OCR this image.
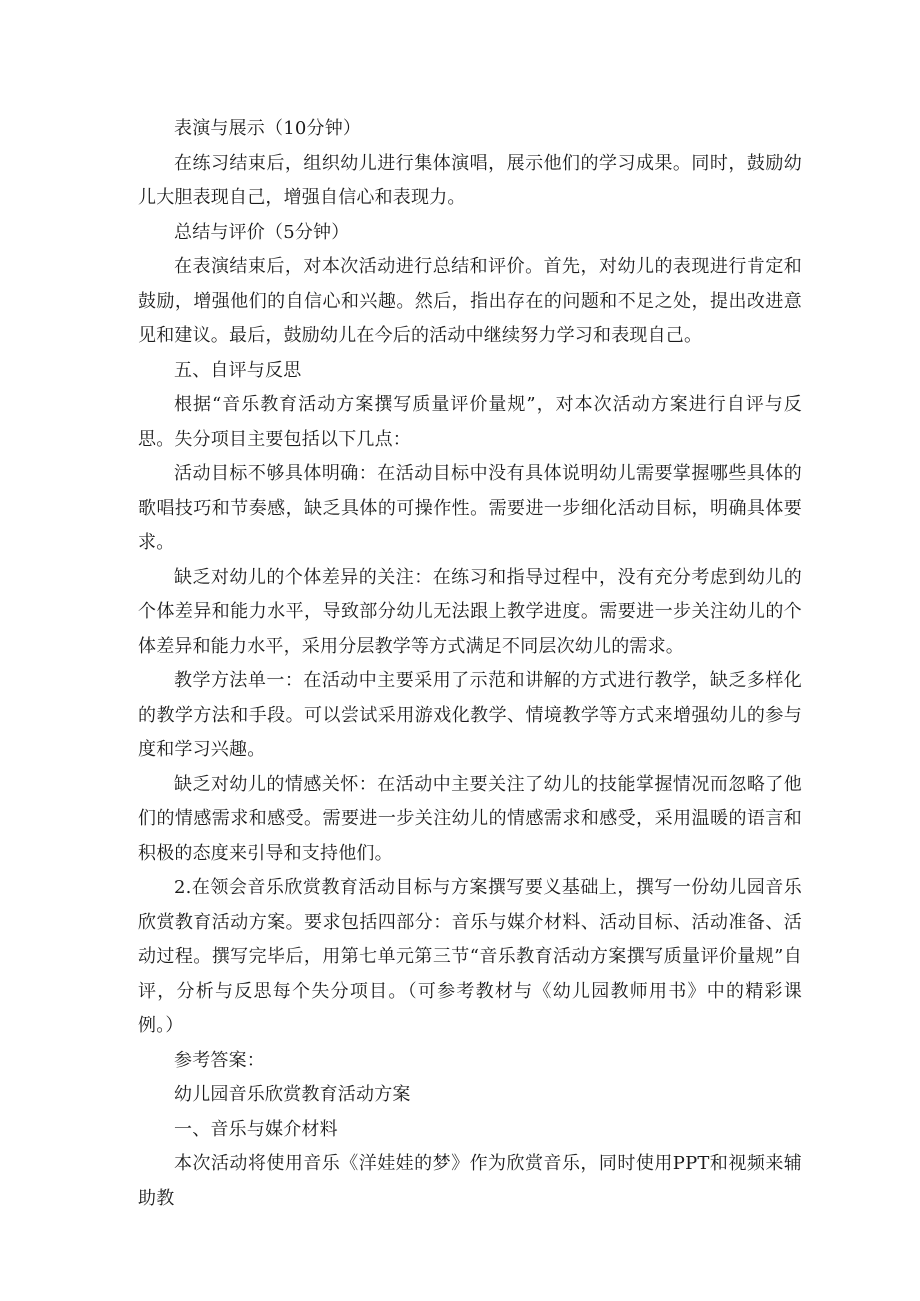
表演与展示（10分钟）

在练习结束后，组织幼儿进行集体演唱，展示他们的学习成果。同时，鼓励幼儿大胆表现自己，增强自信心和表现力。

总结与评价（5分钟）

在表演结束后，对本次活动进行总结和评价。首先，对幼儿的表现进行肯定和鼓励，增强他们的自信心和兴趣。然后，指出存在的问题和不足之处，提出改进意见和建议。最后，鼓励幼儿在今后的活动中继续努力学习和表现自己。

五、自评与反思

根据“音乐教育活动方案撰写质量评价量规”，对本次活动方案进行自评与反思。失分项目主要包括以下几点：

活动目标不够具体明确：在活动目标中没有具体说明幼儿需要掌握哪些具体的歌唱技巧和节奏感，缺乏具体的可操作性。需要进一步细化活动目标，明确具体要求。

缺乏对幼儿的个体差异的关注：在练习和指导过程中，没有充分考虑到幼儿的个体差异和能力水平，导致部分幼儿无法跟上教学进度。需要进一步关注幼儿的个体差异和能力水平，采用分层教学等方式满足不同层次幼儿的需求。

教学方法单一：在活动中主要采用了示范和讲解的方式进行教学，缺乏多样化的教学方法和手段。可以尝试采用游戏化教学、情境教学等方式来增强幼儿的参与度和学习兴趣。

缺乏对幼儿的情感关怀：在活动中主要关注了幼儿的技能掌握情况而忽略了他们的情感需求和感受。需要进一步关注幼儿的情感需求和感受，采用温暖的语言和积极的态度来引导和支持他们。

2.在领会音乐欣赏教育活动目标与方案撰写要义基础上，撰写一份幼儿园音乐欣赏教育活动方案。要求包括四部分：音乐与媒介材料、活动目标、活动准备、活动过程。撰写完毕后，用第七单元第三节“音乐教育活动方案撰写质量评价量规”自评，分析与反思每个失分项目。（可参考教材与《幼儿园教师用书》中的精彩课例。）

参考答案：

幼儿园音乐欣赏教育活动方案

一、音乐与媒介材料

本次活动将使用音乐《洋娃娃的梦》作为欣赏音乐，同时使用PPT和视频来辅助教
